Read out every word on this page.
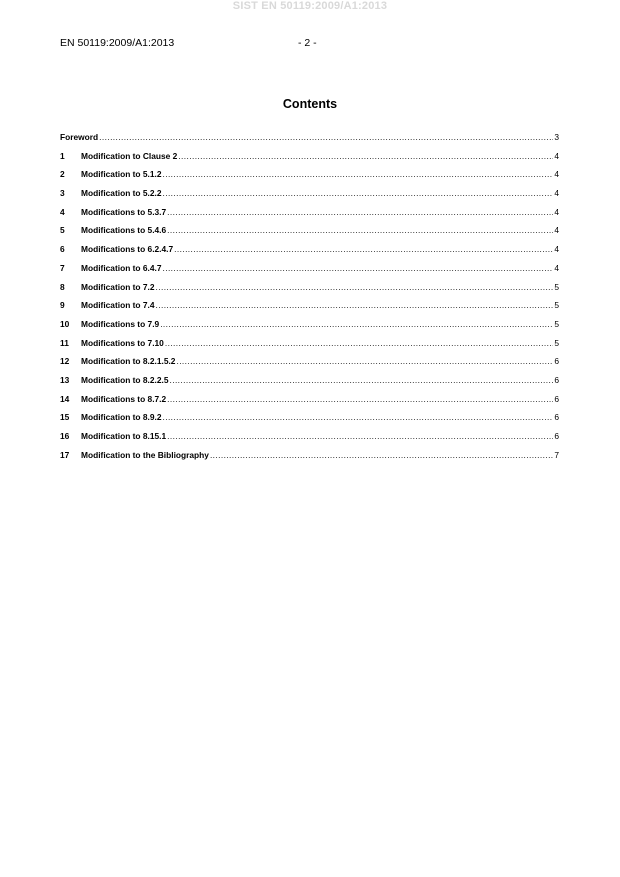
SIST EN 50119:2009/A1:2013
EN 50119:2009/A1:2013	- 2 -
Contents
Foreword .....	3
1	Modification to Clause 2 .....	4
2	Modification to 5.1.2 .....	4
3	Modification to 5.2.2 .....	4
4	Modifications to 5.3.7 .....	4
5	Modifications to 5.4.6 .....	4
6	Modifications to 6.2.4.7 .....	4
7	Modification to 6.4.7 .....	4
8	Modification to 7.2 .....	5
9	Modification to 7.4 .....	5
10	Modifications to 7.9 .....	5
11	Modifications to 7.10 .....	5
12	Modification to 8.2.1.5.2 .....	6
13	Modification to 8.2.2.5 .....	6
14	Modifications to 8.7.2 .....	6
15	Modification to 8.9.2 .....	6
16	Modification to 8.15.1 .....	6
17	Modification to the Bibliography .....	7
